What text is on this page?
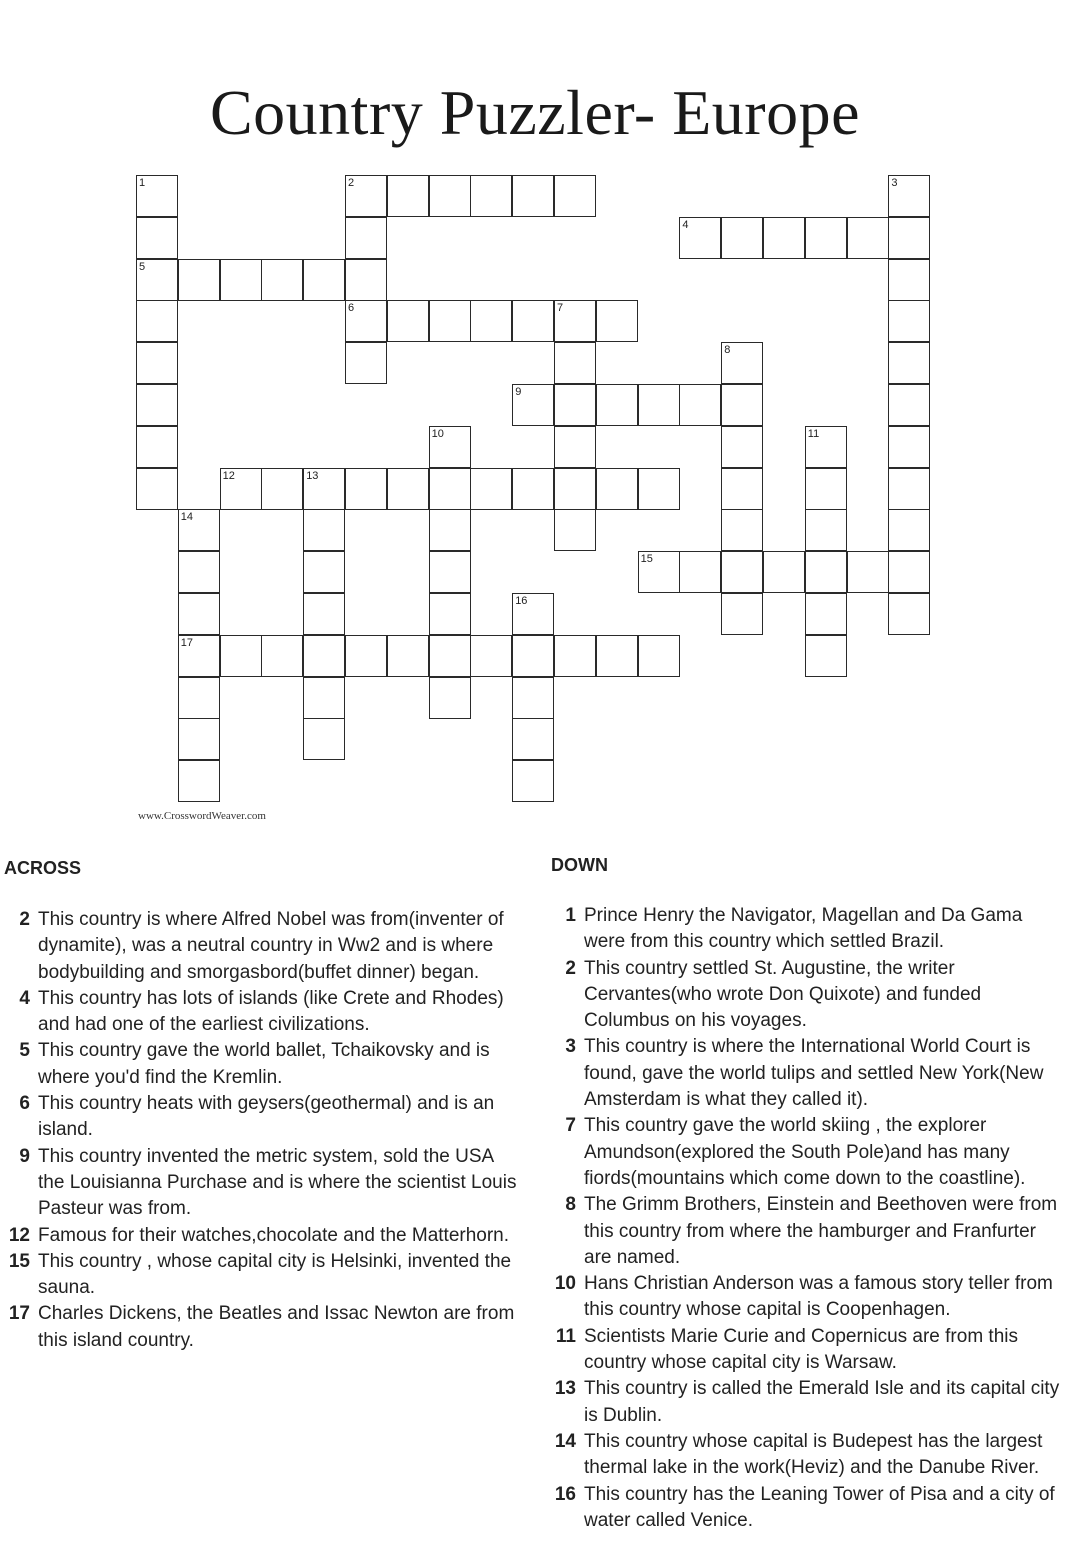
Country Puzzler- Europe
2
4
5
6	7
9
12	13
15
17
1	3
8
10	11
14
16
www.CrosswordWeaver.com
ACROSS	DOWN
2 This country is where Alfred Nobel was from(inventer of dynamite), was a neutral country in Ww2 and is where bodybuilding and smorgasbord(buffet dinner) began.
4 This country has lots of islands (like Crete and Rhodes) and had one of the earliest civilizations.
5 This country gave the world ballet, Tchaikovsky and is where you'd find the Kremlin.
6 This country heats with geysers(geothermal) and is an island.
9 This country invented the metric system, sold the USA the Louisianna Purchase and is where the scientist Louis Pasteur was from.
12 Famous for their watches,chocolate and the Matterhorn.
15 This country , whose capital city is Helsinki, invented the sauna.
17 Charles Dickens, the Beatles and Issac Newton are from this island country.
1 Prince Henry the Navigator, Magellan and Da Gama were from this country which settled Brazil.
2 This country settled St. Augustine, the writer Cervantes(who wrote Don Quixote) and funded Columbus on his voyages.
3 This country is where the International World Court is found, gave the world tulips and settled New York(New Amsterdam is what they called it).
7 This country gave the world skiing , the explorer Amundson(explored the South Pole)and has many fiords(mountains which come down to the coastline).
8 The Grimm Brothers, Einstein and Beethoven were from this country from where the hamburger and Franfurter are named.
10 Hans Christian Anderson was a famous story teller from this country whose capital is Coopenhagen.
11 Scientists Marie Curie and Copernicus are from this country whose capital city is Warsaw.
13 This country is called the Emerald Isle and its capital city is Dublin.
14 This country whose capital is Budepest has the largest thermal lake in the work(Heviz) and the Danube River.
16 This country has the Leaning Tower of Pisa and a city of water called Venice.
